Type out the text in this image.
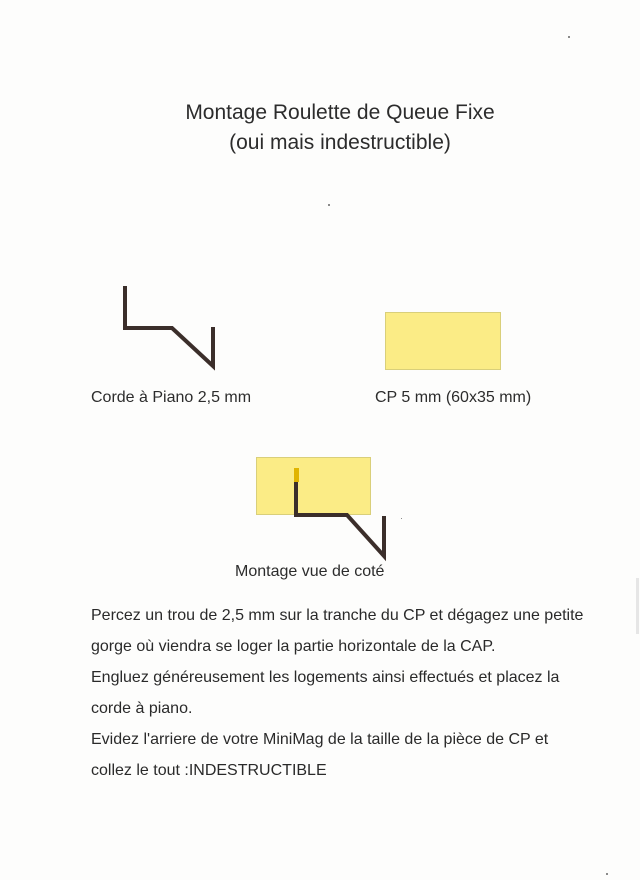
Montage Roulette de Queue Fixe
(oui mais indestructible)
Corde à Piano 2,5 mm	CP 5 mm (60x35 mm)
Montage vue de coté

Percez un trou de 2,5 mm sur la tranche du CP et dégagez une petite gorge où viendra se loger la partie horizontale de la CAP.

Engluez généreusement les logements ainsi effectués et placez la corde à piano.

Evidez l'arriere de votre MiniMag de la taille de la pièce de CP et collez le tout :INDESTRUCTIBLE
